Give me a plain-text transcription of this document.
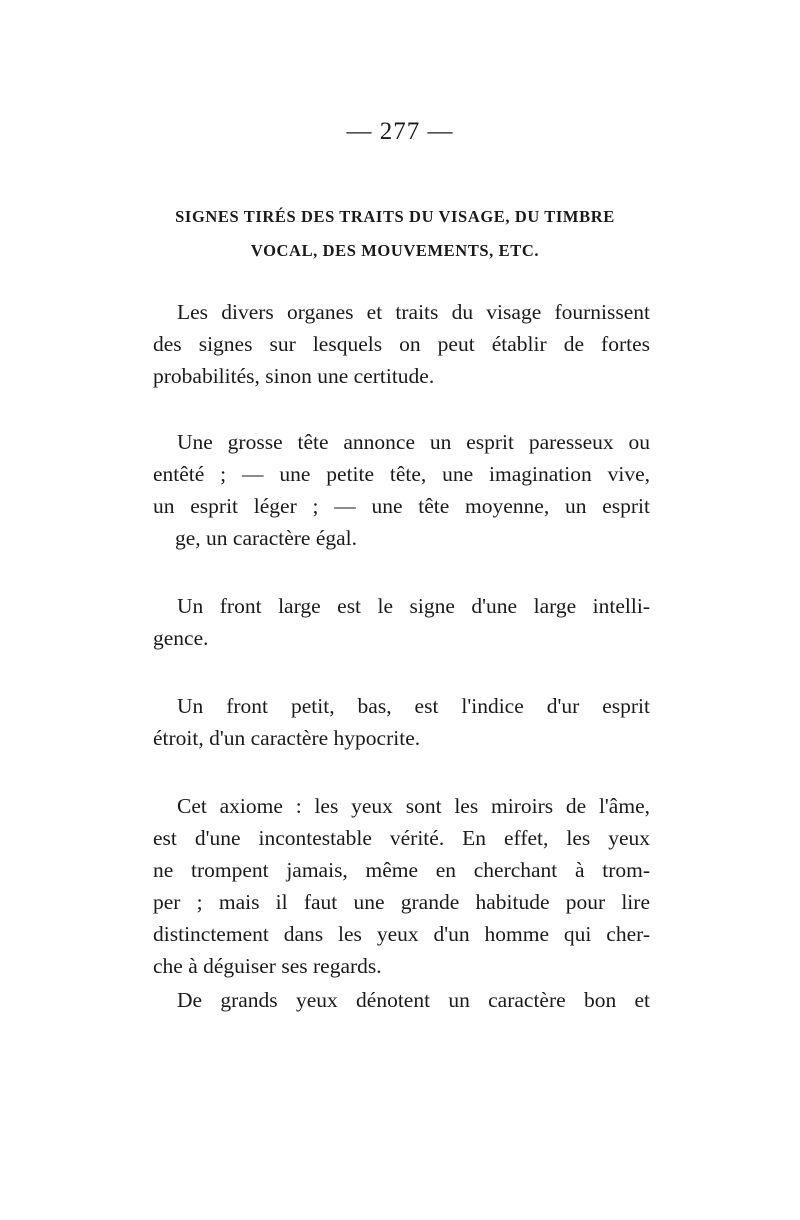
— 277 —
SIGNES TIRÉS DES TRAITS DU VISAGE, DU TIMBRE
VOCAL, DES MOUVEMENTS, ETC.
Les divers organes et traits du visage fournissent
des signes sur lesquels on peut établir de fortes
probabilités, sinon une certitude.
Une grosse tête annonce un esprit paresseux ou
entêté ; — une petite tête, une imagination vive,
un esprit léger ; — une tête moyenne, un esprit
ge, un caractère égal.
Un front large est le signe d'une large intelli-
gence.
Un front petit, bas, est l'indice d'ur esprit
étroit, d'un caractère hypocrite.
Cet axiome : les yeux sont les miroirs de l'âme,
est d'une incontestable vérité. En effet, les yeux
ne trompent jamais, même en cherchant à trom-
per ; mais il faut une grande habitude pour lire
distinctement dans les yeux d'un homme qui cher-
che à déguiser ses regards.
De grands yeux dénotent un caractère bon et
